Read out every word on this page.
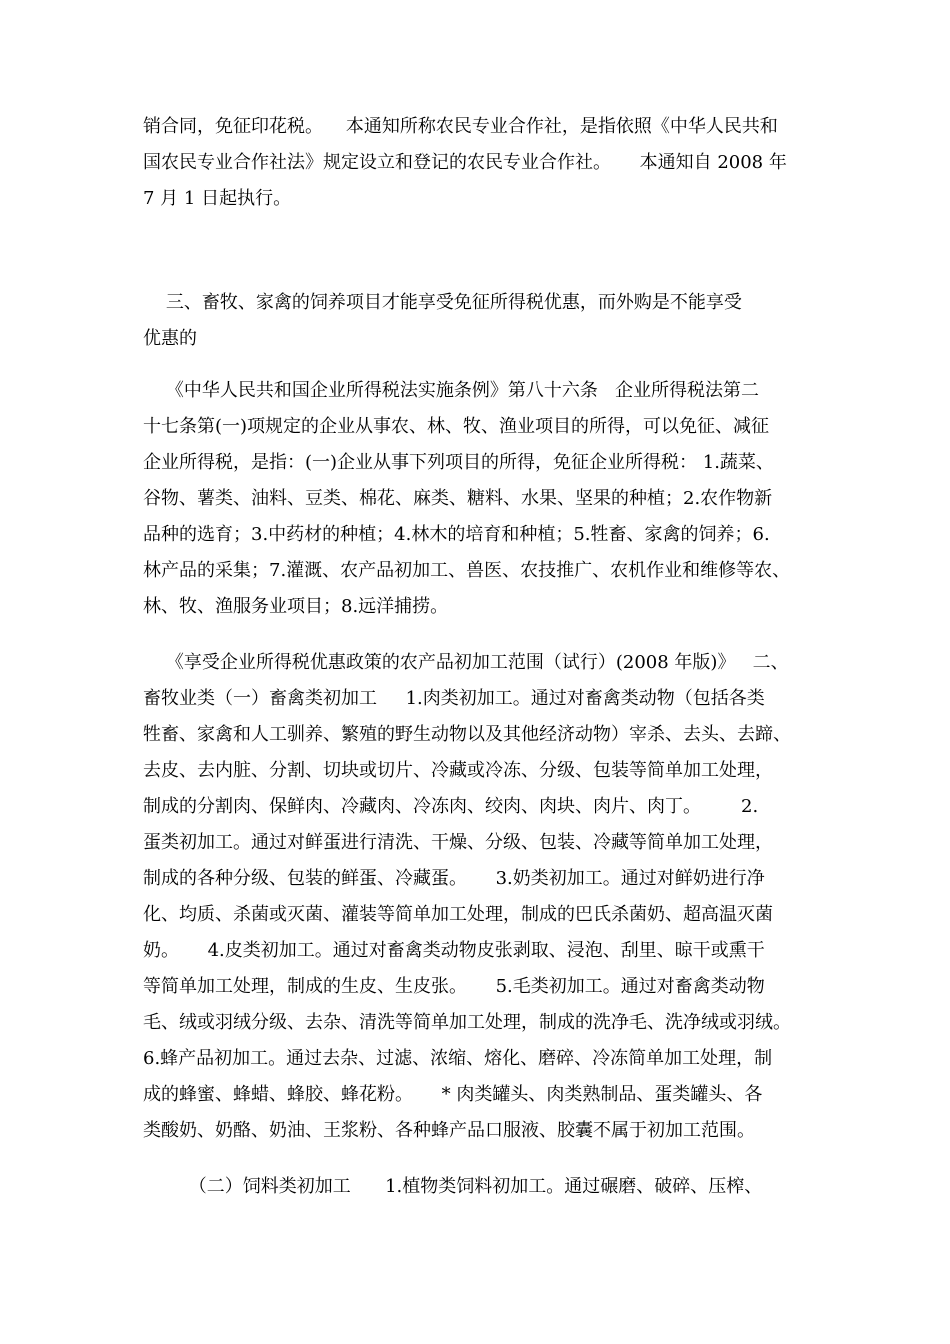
销合同，免征印花税。    本通知所称农民专业合作社，是指依照《中华人民共和
国农民专业合作社法》规定设立和登记的农民专业合作社。     本通知自 2008 年
7 月 1 日起执行。
三、畜牧、家禽的饲养项目才能享受免征所得税优惠，而外购是不能享受
优惠的
《中华人民共和国企业所得税法实施条例》第八十六条   企业所得税法第二
十七条第(一)项规定的企业从事农、林、牧、渔业项目的所得，可以免征、减征
企业所得税，是指：(一)企业从事下列项目的所得，免征企业所得税： 1.蔬菜、
谷物、薯类、油料、豆类、棉花、麻类、糖料、水果、坚果的种植；2.农作物新
品种的选育；3.中药材的种植；4.林木的培育和种植；5.牲畜、家禽的饲养；6.
林产品的采集；7.灌溉、农产品初加工、兽医、农技推广、农机作业和维修等农、
林、牧、渔服务业项目；8.远洋捕捞。
《享受企业所得税优惠政策的农产品初加工范围（试行）(2008 年版)》   二、
畜牧业类（一）畜禽类初加工     1.肉类初加工。通过对畜禽类动物（包括各类
牲畜、家禽和人工驯养、繁殖的野生动物以及其他经济动物）宰杀、去头、去蹄、
去皮、去内脏、分割、切块或切片、冷藏或冷冻、分级、包装等简单加工处理，
制成的分割肉、保鲜肉、冷藏肉、冷冻肉、绞肉、肉块、肉片、肉丁。       2.
蛋类初加工。通过对鲜蛋进行清洗、干燥、分级、包装、冷藏等简单加工处理，
制成的各种分级、包装的鲜蛋、冷藏蛋。     3.奶类初加工。通过对鲜奶进行净
化、均质、杀菌或灭菌、灌装等简单加工处理，制成的巴氏杀菌奶、超高温灭菌
奶。     4.皮类初加工。通过对畜禽类动物皮张剥取、浸泡、刮里、晾干或熏干
等简单加工处理，制成的生皮、生皮张。     5.毛类初加工。通过对畜禽类动物
毛、绒或羽绒分级、去杂、清洗等简单加工处理，制成的洗净毛、洗净绒或羽绒。
6.蜂产品初加工。通过去杂、过滤、浓缩、熔化、磨碎、冷冻简单加工处理，制
成的蜂蜜、蜂蜡、蜂胶、蜂花粉。     * 肉类罐头、肉类熟制品、蛋类罐头、各
类酸奶、奶酪、奶油、王浆粉、各种蜂产品口服液、胶囊不属于初加工范围。
（二）饲料类初加工      1.植物类饲料初加工。通过碾磨、破碎、压榨、
